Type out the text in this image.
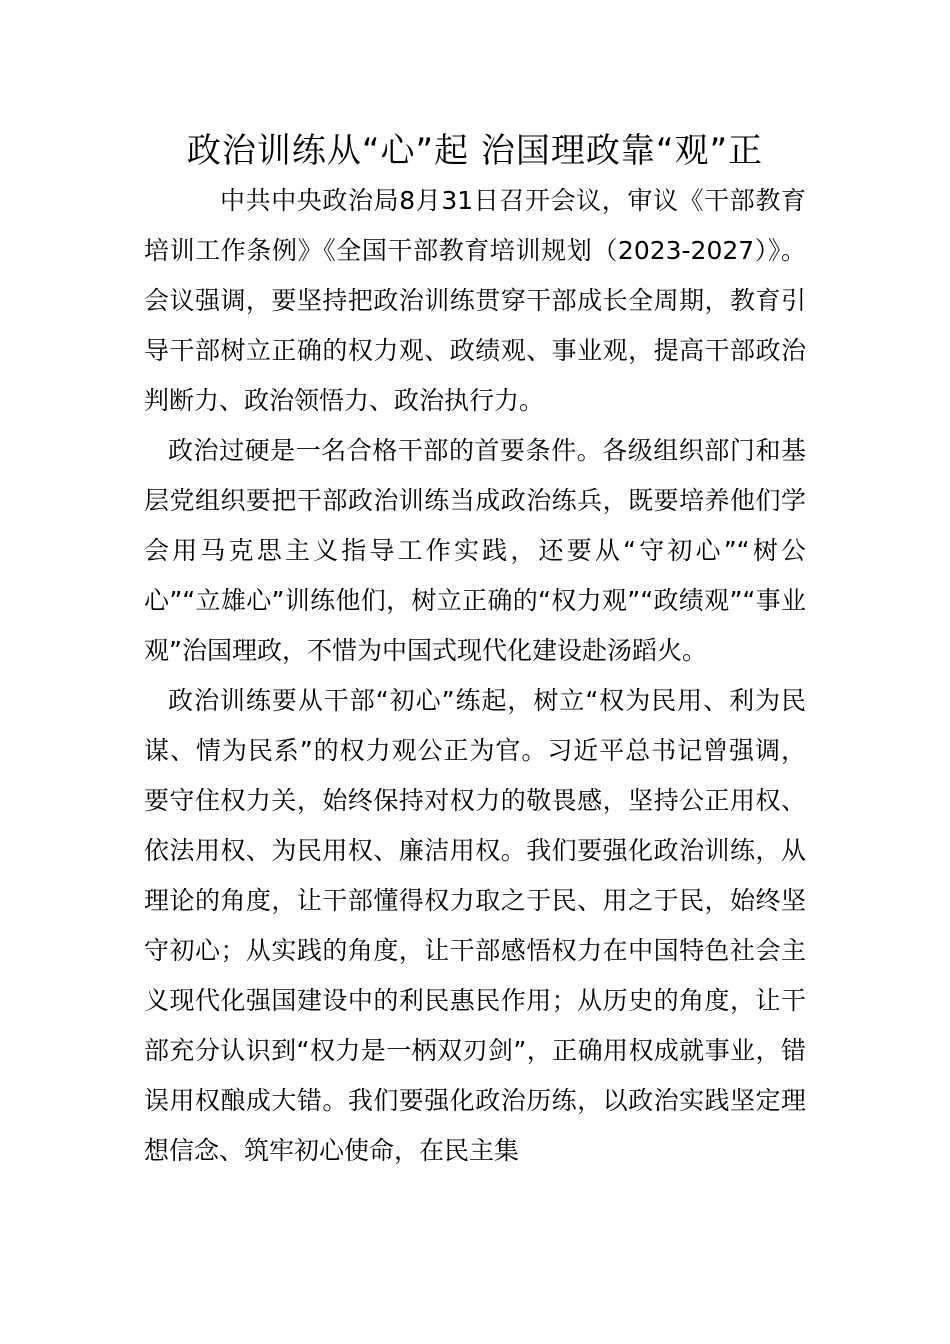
政治训练从“心”起 治国理政靠“观”正

中共中央政治局8月31日召开会议，审议《干部教育培训工作条例》《全国干部教育培训规划（2023-2027）》。会议强调，要坚持把政治训练贯穿干部成长全周期，教育引导干部树立正确的权力观、政绩观、事业观，提高干部政治判断力、政治领悟力、政治执行力。

政治过硬是一名合格干部的首要条件。各级组织部门和基层党组织要把干部政治训练当成政治练兵，既要培养他们学会用马克思主义指导工作实践，还要从“守初心”“树公心”“立雄心”训练他们，树立正确的“权力观”“政绩观”“事业观”治国理政，不惜为中国式现代化建设赴汤蹈火。

政治训练要从干部“初心”练起，树立“权为民用、利为民谋、情为民系”的权力观公正为官。习近平总书记曾强调，要守住权力关，始终保持对权力的敬畏感，坚持公正用权、依法用权、为民用权、廉洁用权。我们要强化政治训练，从理论的角度，让干部懂得权力取之于民、用之于民，始终坚守初心；从实践的角度，让干部感悟权力在中国特色社会主义现代化强国建设中的利民惠民作用；从历史的角度，让干部充分认识到“权力是一柄双刃剑”，正确用权成就事业，错误用权酿成大错。我们要强化政治历练，以政治实践坚定理想信念、筑牢初心使命，在民主集
